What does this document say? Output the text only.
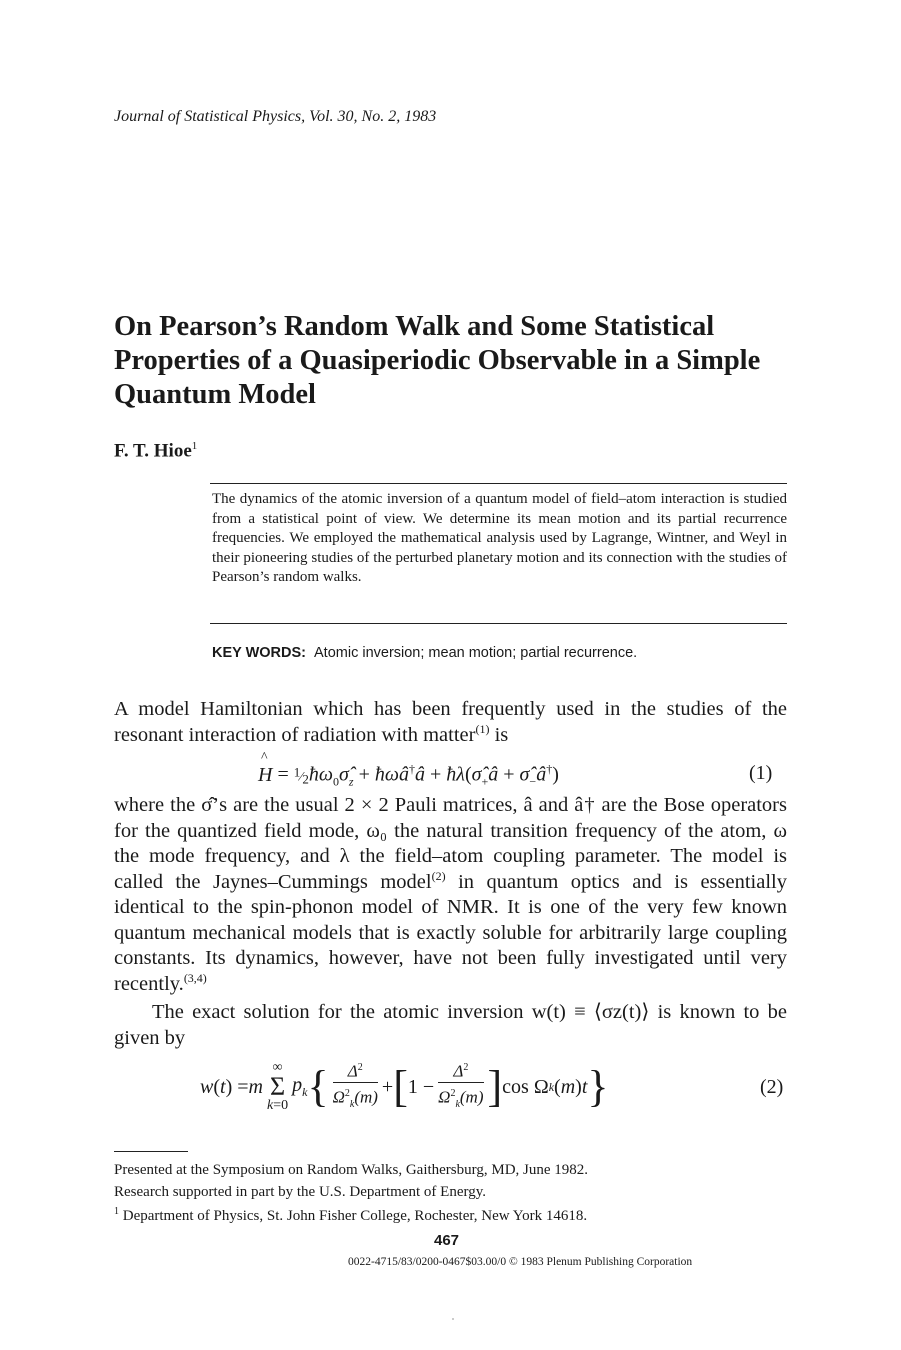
Journal of Statistical Physics, Vol. 30, No. 2, 1983
On Pearson’s Random Walk and Some Statistical Properties of a Quasiperiodic Observable in a Simple Quantum Model
F. T. Hioe$^1$
The dynamics of the atomic inversion of a quantum model of field–atom interaction is studied from a statistical point of view. We determine its mean motion and its partial recurrence frequencies. We employed the mathematical analysis used by Lagrange, Wintner, and Weyl in their pioneering studies of the perturbed planetary motion and its connection with the studies of Pearson’s random walks.
KEY WORDS: Atomic inversion; mean motion; partial recurrence.
A model Hamiltonian which has been frequently used in the studies of the resonant interaction of radiation with matter$^{(1)}$ is
H
^
= $^1⁄2ħ\omega_0\sigmâ_z$ + ħωâ†â + $ħ\lambda(\sigmâ_+â$ + $\sigmâ_-â^\dagger$)	(1)
where the σ̂’s are the usual 2 × 2 Pauli matrices, â and â† are the Bose operators for the quantized field mode, ω₀ the natural transition frequency of the atom, ω the mode frequency, and λ the field–atom coupling parameter. The model is called the Jaynes–Cummings model$^{(2)}$ in quantum optics and is essentially identical to the spin-phonon model of NMR. It is one of the very few known quantum mechanical models that is exactly soluble for arbitrarily large coupling constants. Its dynamics, however, have not been fully investigated until very recently.$^{(3,4)}$
The exact solution for the atomic inversion w(t) ≡ ⟨σz(t)⟩ is known to be given by
w ( t ) = m
∞
Σ
k=0
$p_k$ { $\frac{\Delta^2}{\Omega^2_k(m)}$ + [ $1 - \frac{\Delta^2}{\Omega^2_k(m)}$ ] cos Ω k ( m ) t }	(2)
Presented at the Symposium on Random Walks, Gaithersburg, MD, June 1982.
Research supported in part by the U.S. Department of Energy.
$^1$ Department of Physics, St. John Fisher College, Rochester, New York 14618.
467
0022-4715/83/0200-0467$03.00/0 © 1983 Plenum Publishing Corporation
